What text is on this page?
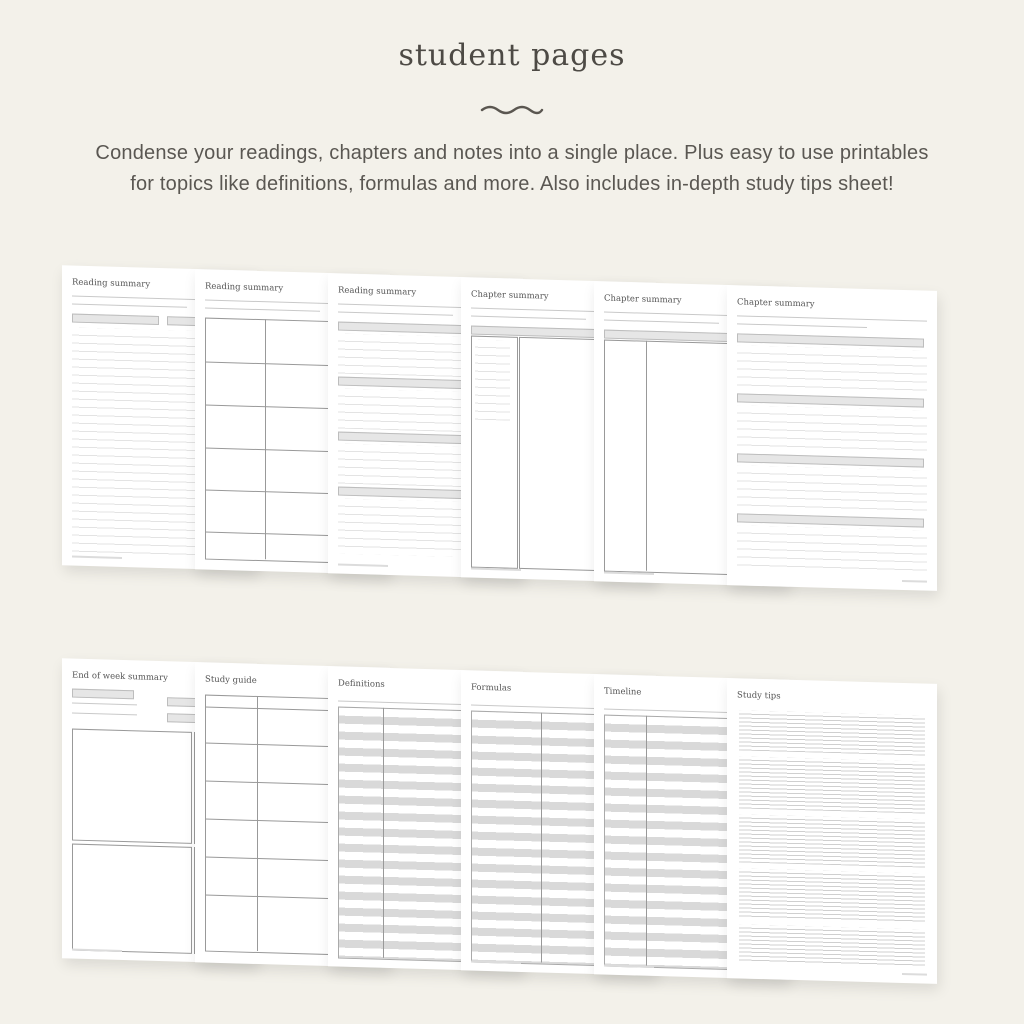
student pages
Condense your readings, chapters and notes into a single place. Plus easy to use printables
for topics like definitions, formulas and more. Also includes in-depth study tips sheet!
Reading summary	Reading summary	Reading summary	Chapter summary	Chapter summary	Chapter summary
End of week summary	Study guide	Definitions	Formulas	Timeline	Study tips
